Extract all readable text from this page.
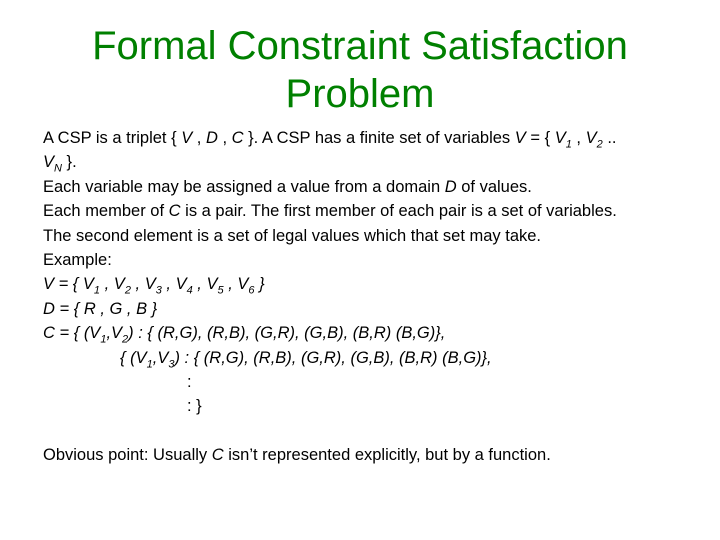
Formal Constraint Satisfaction
Problem
A CSP is a triplet { V , D , C }. A CSP has a finite set of variables V = { $V_1$ , $V_2$ ..
$V_N$ }.
Each variable may be assigned a value from a domain D of values.
Each member of C is a pair. The first member of each pair is a set of variables.
The second element is a set of legal values which that set may take.
Example:
V = { $V_1$ , $V_2$ , $V_3$ , $V_4$ , $V_5$ , $V_6$ }
D = { R , G , B }
C = { $(V_1,V_2)$ : { (R,G), (R,B), (G,R), (G,B), (B,R) (B,G)},
{ $(V_1,V_3)$ : { (R,G), (R,B), (G,R), (G,B), (B,R) (B,G)},
:
: }
Obvious point: Usually C isn’t represented explicitly, but by a function.
